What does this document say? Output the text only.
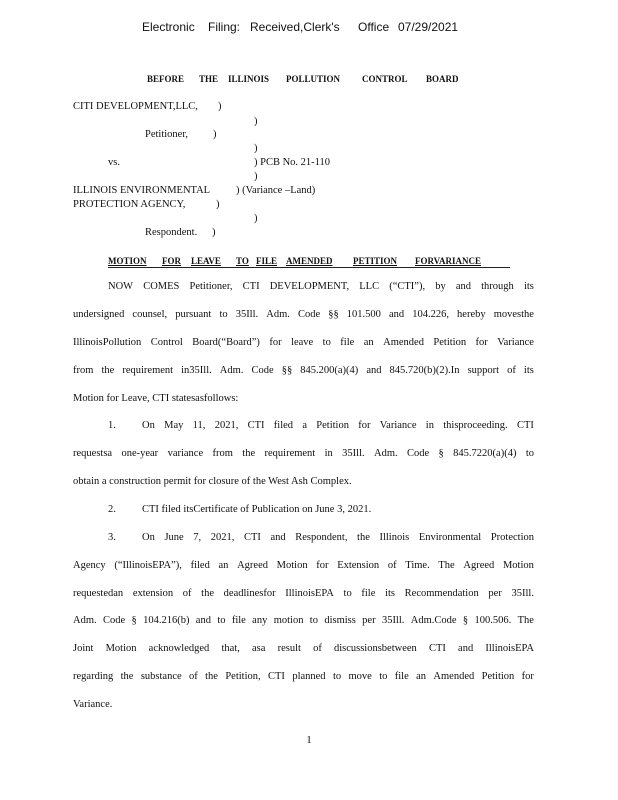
Electronic Filing: Received,Clerk's Office 07/29/2021
BEFORE THE ILLINOIS POLLUTION CONTROL BOARD
CITI DEVELOPMENT,LLC, )
)
Petitioner, )
)
vs.	) PCB No. 21-110
)
ILLINOIS ENVIRONMENTAL ) (Variance –Land)
PROTECTION AGENCY,	)
)
Respondent. )
MOTION FOR LEAVE TO FILE AMENDED PETITION FORVARIANCE
NOW COMES Petitioner, CTI DEVELOPMENT, LLC (“CTI”), by and through its
undersigned counsel, pursuant to 35Ill. Adm. Code §§ 101.500 and 104.226, hereby movesthe
IllinoisPollution Control Board(“Board”) for leave to file an Amended Petition for Variance
from the requirement in35Ill. Adm. Code §§ 845.200(a)(4) and 845.720(b)(2).In support of its
Motion for Leave, CTI statesasfollows:
1. On May 11, 2021, CTI filed a Petition for Variance in thisproceeding. CTI
requestsa one-year variance from the requirement in 35Ill. Adm. Code § 845.7220(a)(4) to
obtain a construction permit for closure of the West Ash Complex.
2. CTI filed itsCertificate of Publication on June 3, 2021.
3. On June 7, 2021, CTI and Respondent, the Illinois Environmental Protection
Agency (“IllinoisEPA”), filed an Agreed Motion for Extension of Time. The Agreed Motion
requestedan extension of the deadlinesfor IllinoisEPA to file its Recommendation per 35Ill.
Adm. Code § 104.216(b) and to file any motion to dismiss per 35Ill. Adm.Code § 100.506. The
Joint Motion acknowledged that, asa result of discussionsbetween CTI and IllinoisEPA
regarding the substance of the Petition, CTI planned to move to file an Amended Petition for
Variance.
1
